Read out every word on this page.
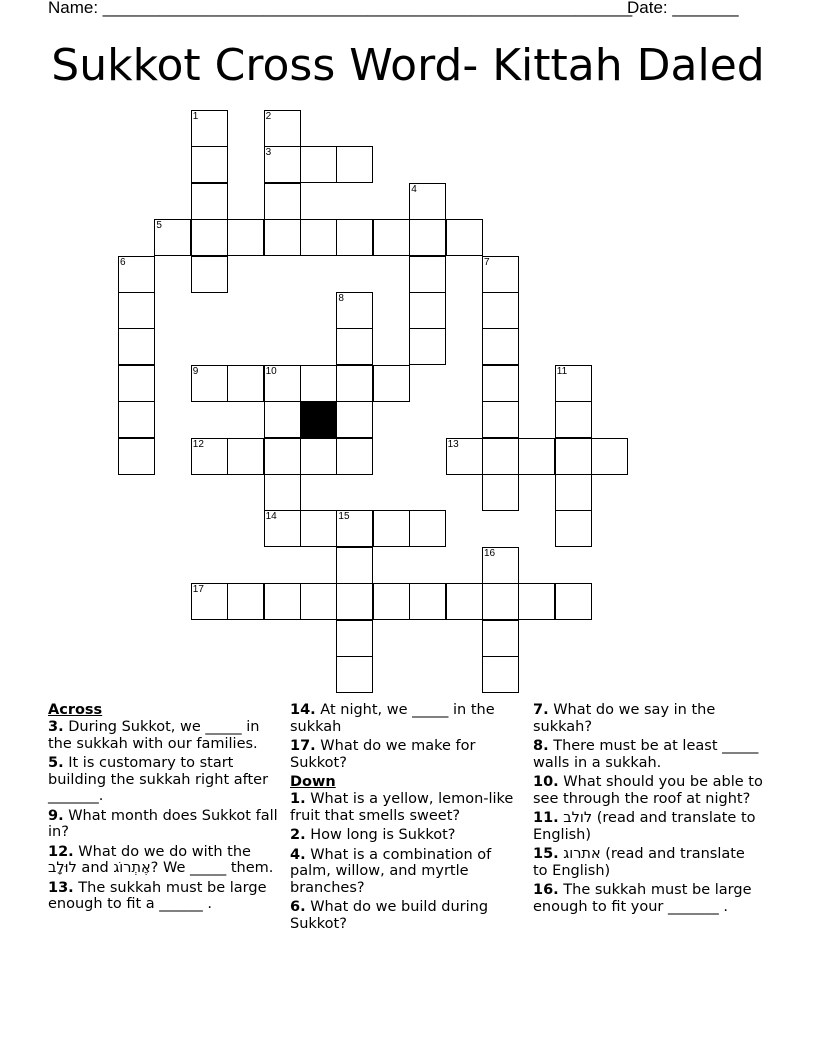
Name: ________________________________________________________
Date: _______
Sukkot Cross Word- Kittah Daled
1	2
3
4
5
6	7
8
9	10	11
12	13
14	15
16
17
Across
3. During Sukkot, we _____ in the sukkah with our families.
5. It is customary to start building the sukkah right after _______.
9. What month does Sukkot fall in?
12. What do we do with the לוּלָב and אֶתְרוֹג? We _____ them.
13. The sukkah must be large enough to fit a ______ .
14. At night, we _____ in the sukkah
17. What do we make for Sukkot?
Down
1. What is a yellow, lemon-like fruit that smells sweet?
2. How long is Sukkot?
4. What is a combination of palm, willow, and myrtle branches?
6. What do we build during Sukkot?
7. What do we say in the sukkah?
8. There must be at least _____ walls in a sukkah.
10. What should you be able to see through the roof at night?
11. לולב (read and translate to English)
15. אתרוג (read and translate to English)
16. The sukkah must be large enough to fit your _______ .
